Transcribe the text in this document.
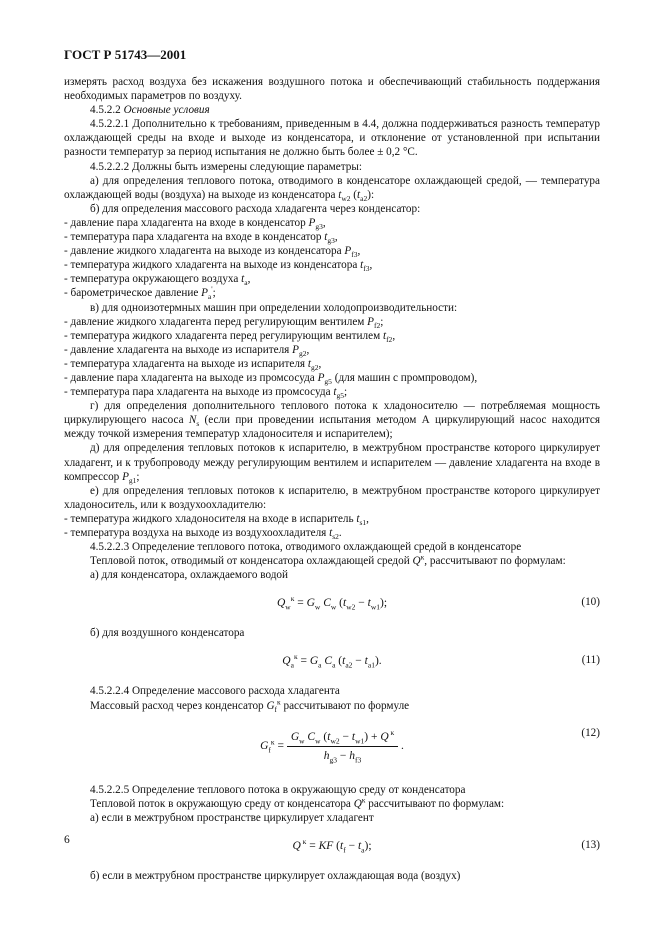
ГОСТ Р 51743—2001

измерять расход воздуха без искажения воздушного потока и обеспечивающий стабильность поддержания необходимых параметров по воздуху.

4.5.2.2 Основные условия

4.5.2.2.1 Дополнительно к требованиям, приведенным в 4.4, должна поддерживаться разность температур охлаждающей среды на входе и выходе из конденсатора, и отклонение от установленной при испытании разности температур за период испытания не должно быть более ± 0,2 °С.

4.5.2.2.2 Должны быть измерены следующие параметры:

а) для определения теплового потока, отводимого в конденсаторе охлаждающей средой, — температура охлаждающей воды (воздуха) на выходе из конденсатора $t_{w2}$ $(t_{a2})$:

б) для определения массового расхода хладагента через конденсатор:

- давление пара хладагента на входе в конденсатор $P_{g3}$,

- температура пара хладагента на входе в конденсатор $t_{g3}$,

- давление жидкого хладагента на выходе из конденсатора $P_{f3}$,

- температура жидкого хладагента на выходе из конденсатора $t_{f3}$,

- температура окружающего воздуха $t_a$,

- барометрическое давление $P_a'$;

в) для одноизотермных машин при определении холодопроизводительности:

- давление жидкого хладагента перед регулирующим вентилем $P_{f2}$;

- температура жидкого хладагента перед регулирующим вентилем $t_{f2}$,

- давление хладагента на выходе из испарителя $P_{g2}$,

- температура хладагента на выходе из испарителя $t_{g2}$,

- давление пара хладагента на выходе из промсосуда $P_{g5}$ (для машин с промпроводом),

- температура пара хладагента на выходе из промсосуда $t_{g5}$;

г) для определения дополнительного теплового потока к хладоносителю — потребляемая мощность циркулирующего насоса $N_s$ (если при проведении испытания методом А циркулирующий насос находится между точкой измерения температур хладоносителя и испарителем);

д) для определения тепловых потоков к испарителю, в межтрубном пространстве которого циркулирует хладагент, и к трубопроводу между регулирующим вентилем и испарителем — давление хладагента на входе в компрессор $P_{g1}$;

е) для определения тепловых потоков к испарителю, в межтрубном пространстве которого циркулирует хладоноситель, или к воздухоохладителю:

- температура жидкого хладоносителя на входе в испаритель $t_{s1}$,

- температура воздуха на выходе из воздухоохладителя $t_{s2}$.

4.5.2.2.3 Определение теплового потока, отводимого охлаждающей средой в конденсаторе

Тепловой поток, отводимый от конденсатора охлаждающей средой $Q^к$, рассчитывают по формулам:

а) для конденсатора, охлаждаемого водой

$Q_w^к = G_w$ $C_w$ $(t_{w2} - t_{w1})$;	(10)

б) для воздушного конденсатора

$Q_a^к = G_a$ $C_a$ $(t_{a2} - t_{a1})$.	(11)

4.5.2.2.4 Определение массового расхода хладагента

Массовый расход через конденсатор $G_f^к$ рассчитывают по формуле

$G_f^к = \frac{G_w C_w (t_{w2} - t_{w1}) + Q ^к}{h_{g3} - h_{f3}}$ .
(12)

4.5.2.2.5 Определение теплового потока в окружающую среду от конденсатора

Тепловой поток в окружающую среду от конденсатора $Q^к$ рассчитывают по формулам:

а) если в межтрубном пространстве циркулирует хладагент

Q $^к$ = KF $(t_f - t_a)$;	(13)

б) если в межтрубном пространстве циркулирует охлаждающая вода (воздух)

6
